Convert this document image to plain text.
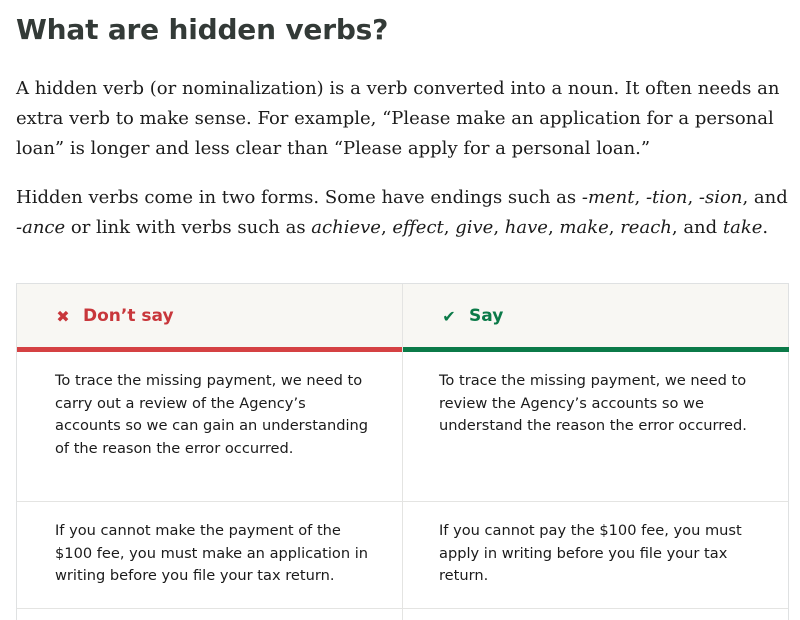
What are hidden verbs?

A hidden verb (or nominalization) is a verb converted into a noun. It often needs an extra verb to make sense. For example, “Please make an application for a personal loan” is longer and less clear than “Please apply for a personal loan.”

Hidden verbs come in two forms. Some have endings such as -ment, -tion, -sion, and -ance or link with verbs such as achieve, effect, give, have, make, reach, and take.

✖ Don’t say	✔ Say
To trace the missing payment, we need to carry out a review of the Agency’s accounts so we can gain an understanding of the reason the error occurred.
To trace the missing payment, we need to review the Agency’s accounts so we understand the reason the error occurred.
If you cannot make the payment of the $100 fee, you must make an application in writing before you file your tax return.
If you cannot pay the $100 fee, you must apply in writing before you file your tax return.
